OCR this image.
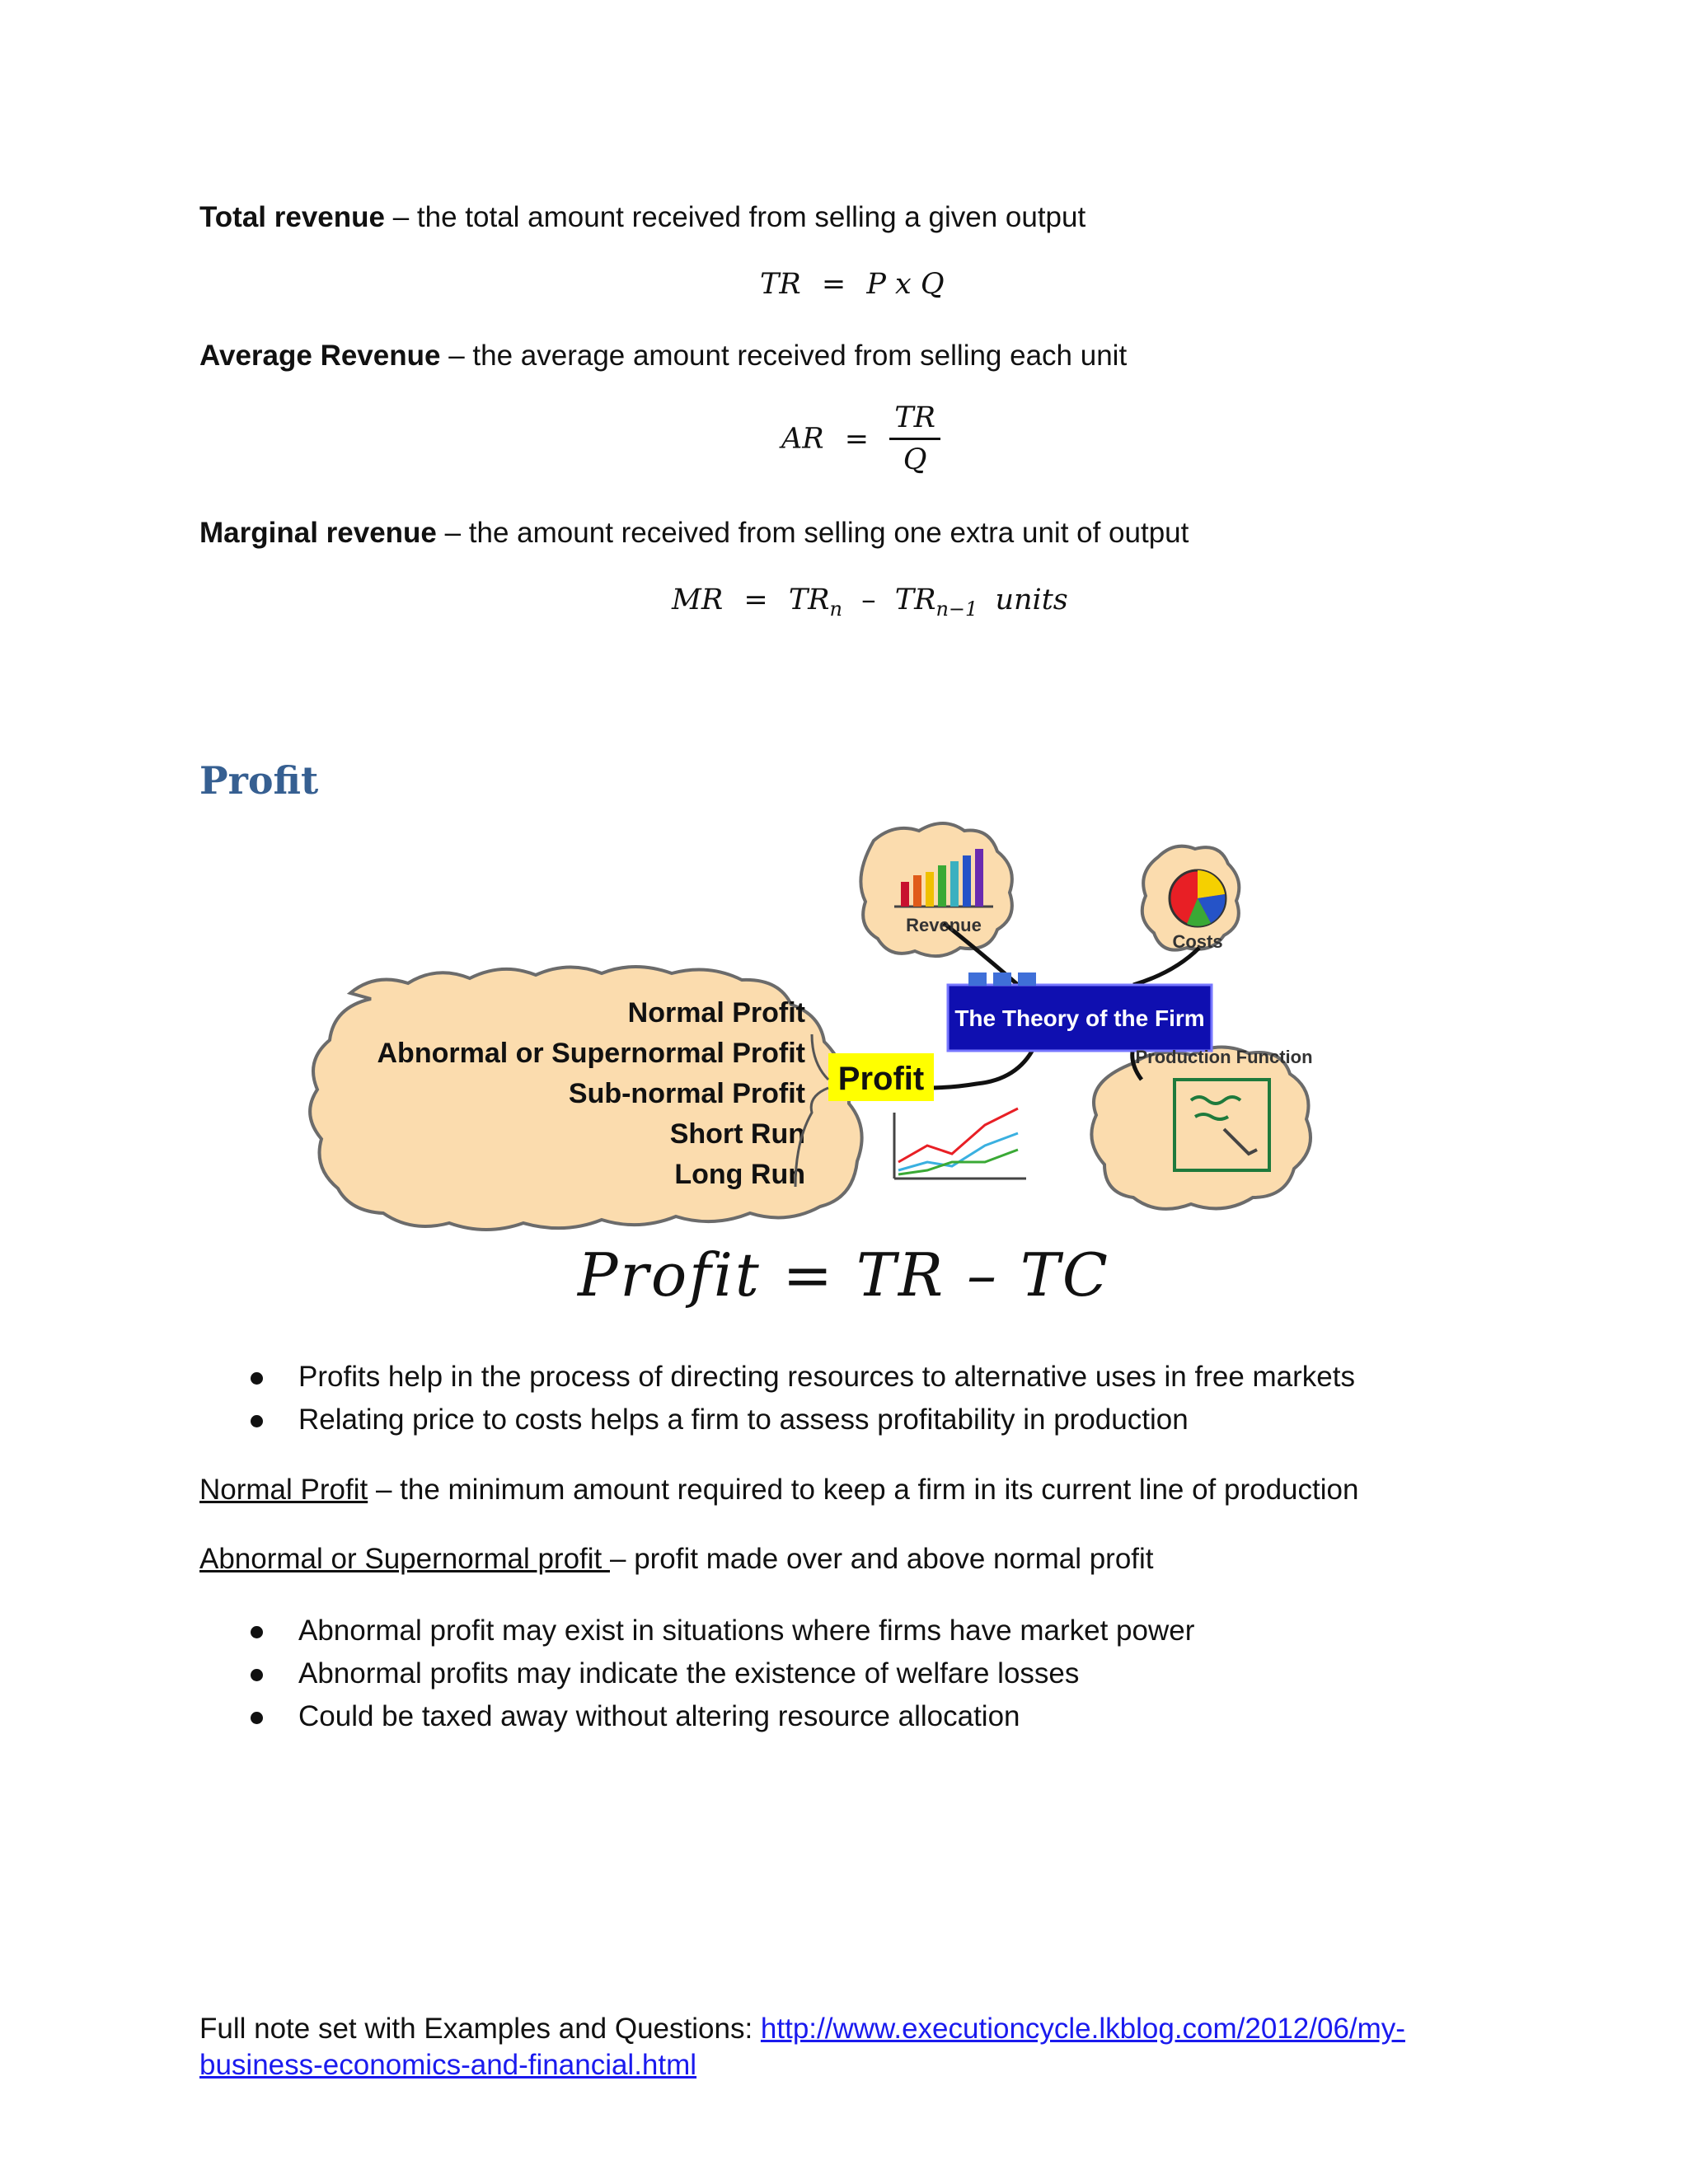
Total revenue – the total amount received from selling a given output
TR = P x Q
Average Revenue – the average amount received from selling each unit
AR = $\frac{TR}{Q}$
Marginal revenue – the amount received from selling one extra unit of output
MR = $TR_n - TR_{n-1}$ units
Profit
The Theory of the Firm
Revenue
Costs
Production Function
Profit
Normal Profit
Abnormal or Supernormal Profit
Sub-normal Profit
Short Run
Long Run
Profit = TR – TC
Profits help in the process of directing resources to alternative uses in free markets
Relating price to costs helps a firm to assess profitability in production
Normal Profit – the minimum amount required to keep a firm in its current line of production
Abnormal or Supernormal profit – profit made over and above normal profit
Abnormal profit may exist in situations where firms have market power
Abnormal profits may indicate the existence of welfare losses
Could be taxed away without altering resource allocation
Full note set with Examples and Questions: http://www.executioncycle.lkblog.com/2012/06/my-
business-economics-and-financial.html
